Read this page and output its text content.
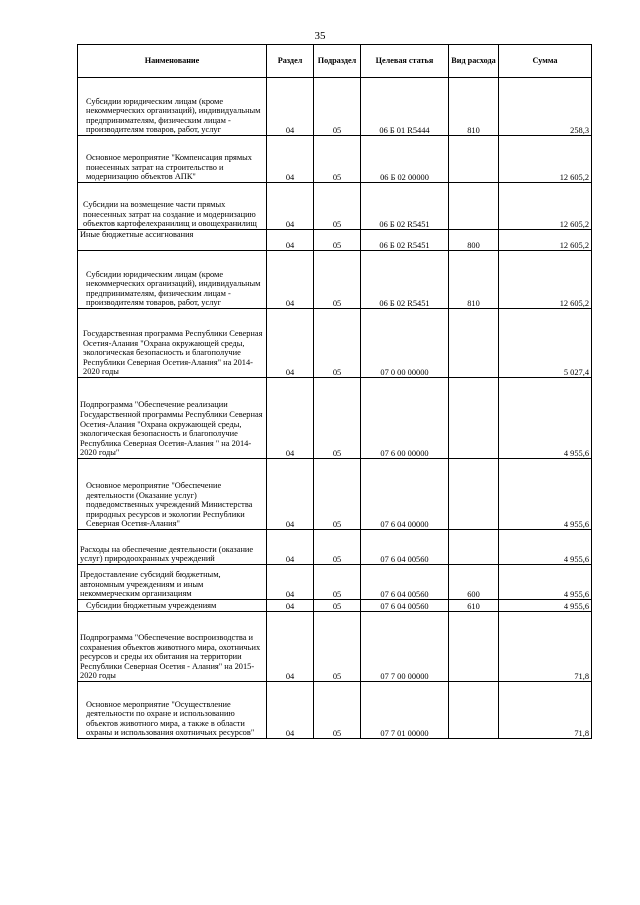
35
Наименование	Раздел	Подраздел	Целевая статья	Вид расхода	Сумма
Субсидии юридическим лицам (кроме некоммерческих организаций), индивидуальным предпринимателям, физическим лицам - производителям товаров, работ, услуг	04	05	06 Б 01 R5444	810	258,3
Основное мероприятие "Компенсация прямых понесенных затрат на строительство и модернизацию объектов АПК"	04	05	06 Б 02 00000		12 605,2
Субсидии на возмещение части прямых понесенных затрат на создание и модернизацию объектов картофелехранилищ и овощехранилищ	04	05	06 Б 02 R5451		12 605,2
Иные бюджетные ассигнования	04	05	06 Б 02 R5451	800	12 605,2
Субсидии юридическим лицам (кроме некоммерческих организаций), индивидуальным предпринимателям, физическим лицам - производителям товаров, работ, услуг	04	05	06 Б 02 R5451	810	12 605,2
Государственная программа Республики Северная Осетия-Алания "Охрана окружающей среды, экологическая безопасность и благополучие Республики Северная Осетия-Алания" на 2014-2020 годы	04	05	07 0 00 00000		5 027,4
Подпрограмма "Обеспечение реализации Государственной программы Республики Северная Осетия-Алания "Охрана окружающей среды, экологическая безопасность и благополучие Республика Северная Осетия-Алания " на 2014-2020 годы"	04	05	07 6 00 00000		4 955,6
Основное мероприятие "Обеспечение деятельности (Оказание услуг) подведомственных учреждений Министерства природных ресурсов и экологии Республики Северная Осетия-Алания"	04	05	07 6 04 00000		4 955,6
Расходы на обеспечение деятельности (оказание услуг) природоохранных учреждений	04	05	07 6 04 00560		4 955,6
Предоставление субсидий бюджетным, автономным учреждениям и иным некоммерческим организациям	04	05	07 6 04 00560	600	4 955,6
Субсидии бюджетным учреждениям	04	05	07 6 04 00560	610	4 955,6
Подпрограмма "Обеспечение воспроизводства и сохранения объектов животного мира, охотничьих ресурсов и среды их обитания на территории Республики Северная Осетия - Алания" на 2015-2020 годы	04	05	07 7 00 00000		71,8
Основное мероприятие "Осуществление деятельности по охране и использованию объектов животного мира, а также в области охраны и использования охотничьих ресурсов"	04	05	07 7 01 00000		71,8
